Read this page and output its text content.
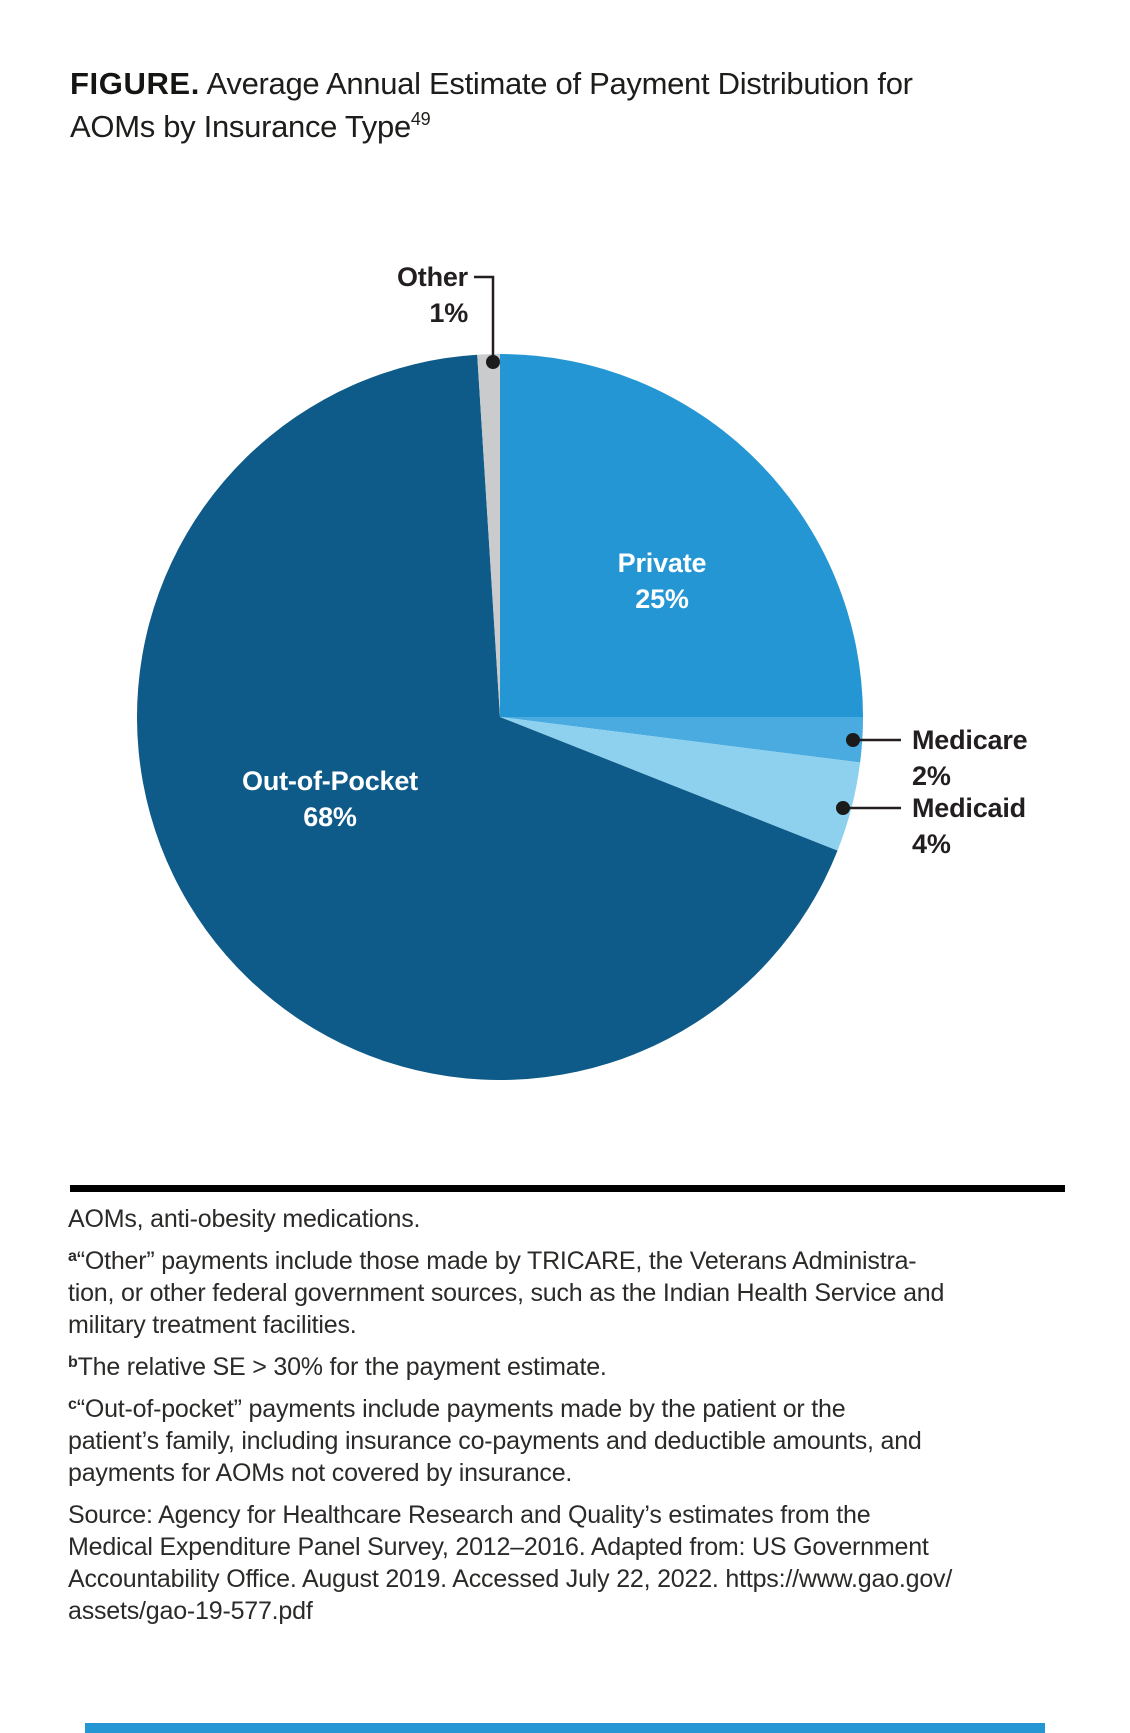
FIGURE. Average Annual Estimate of Payment Distribution for
AOMs by Insurance Type$^{49}$
Other
1%
Private
25%
Out-of-Pocket
68%
Medicare
2%
Medicaid
4%

AOMs, anti-obesity medications.

$^a$“Other” payments include those made by TRICARE, the Veterans Administra-
tion, or other federal government sources, such as the Indian Health Service and
military treatment facilities.

$^b$The relative SE > 30% for the payment estimate.

$^c$“Out-of-pocket” payments include payments made by the patient or the
patient’s family, including insurance co-payments and deductible amounts, and
payments for AOMs not covered by insurance.

Source: Agency for Healthcare Research and Quality’s estimates from the
Medical Expenditure Panel Survey, 2012–2016. Adapted from: US Government
Accountability Office. August 2019. Accessed July 22, 2022. https://www.gao.gov/
assets/gao-19-577.pdf
